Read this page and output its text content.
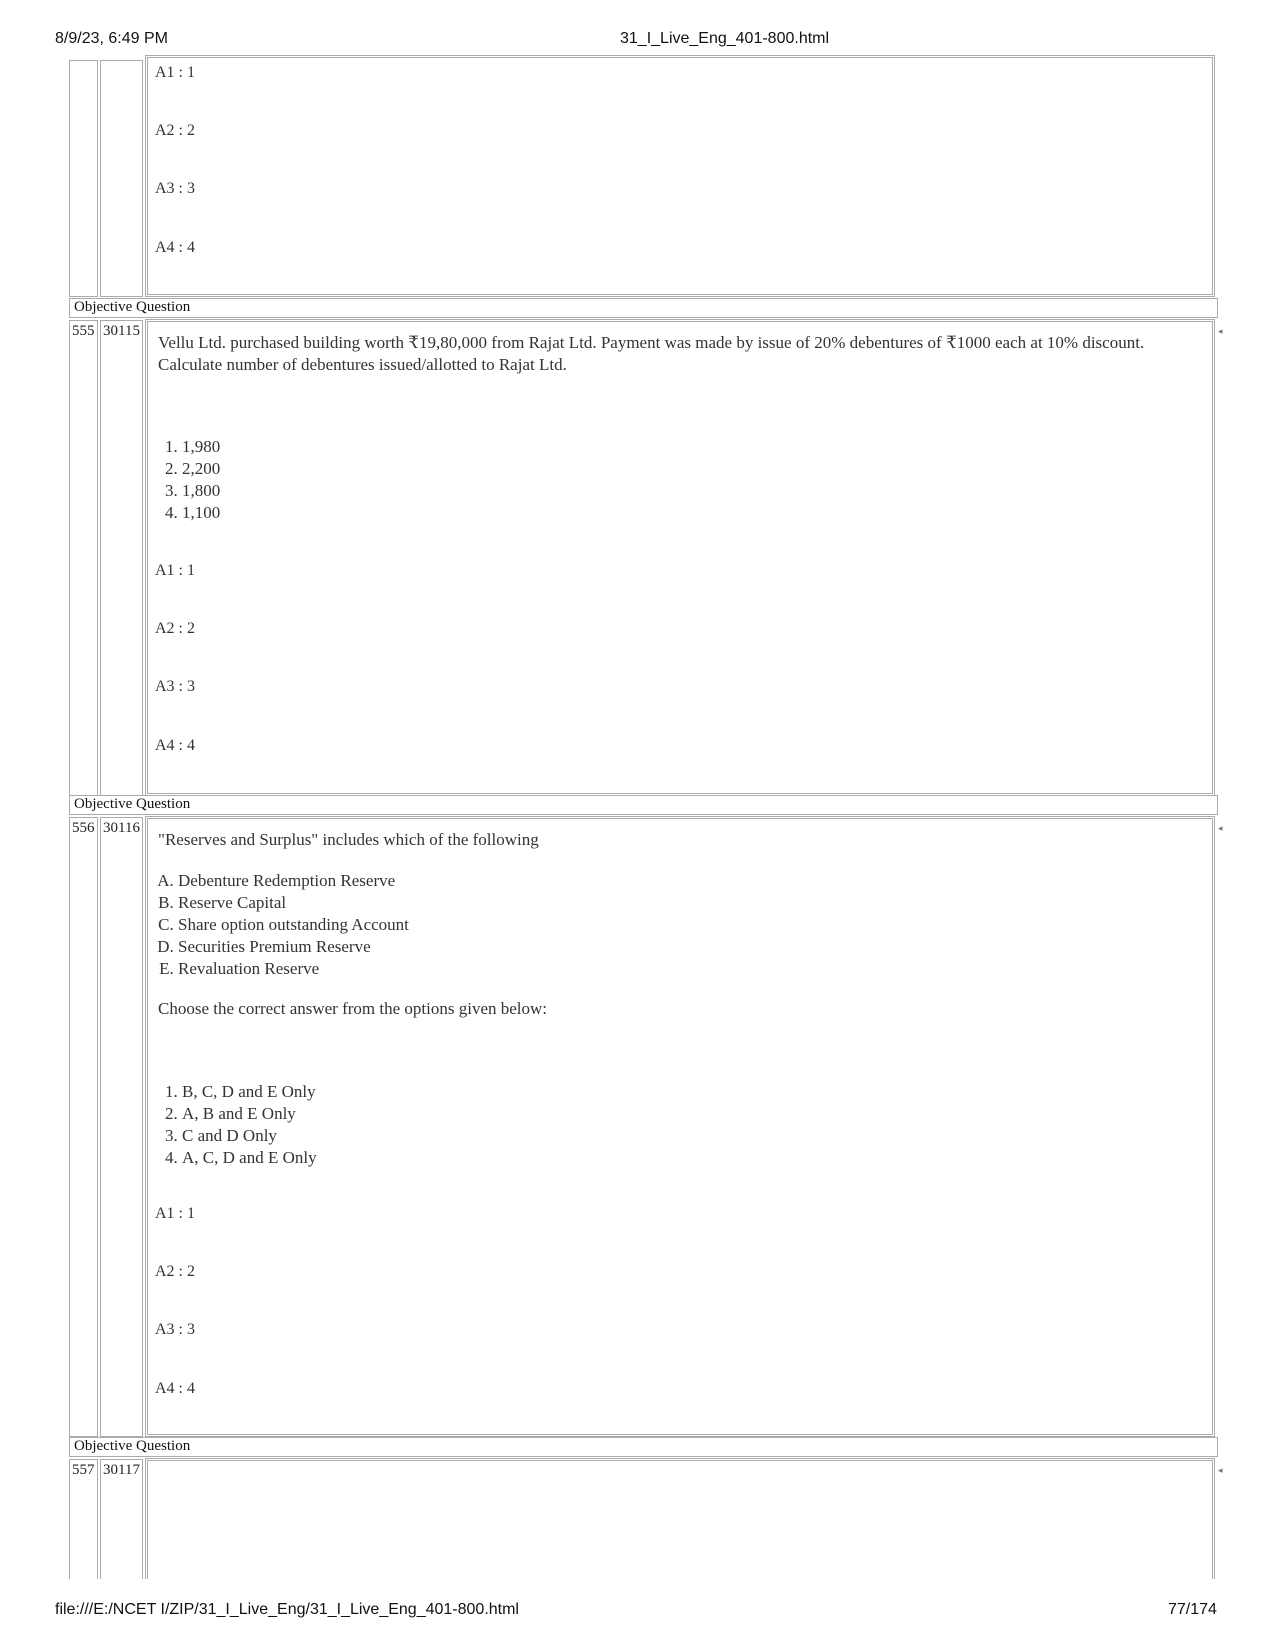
8/9/23, 6:49 PM	31_I_Live_Eng_401-800.html
A1 : 1
A2 : 2
A3 : 3
A4 : 4
Objective Question
555 30115	◂
Vellu Ltd. purchased building worth ₹19,80,000 from Rajat Ltd. Payment was made by issue of 20% debentures of ₹1000 each at 10% discount. Calculate number of debentures issued/allotted to Rajat Ltd.
1. 1,980
2. 2,200
3. 1,800
4. 1,100
A1 : 1
A2 : 2
A3 : 3
A4 : 4
Objective Question
556 30116	◂
"Reserves and Surplus" includes which of the following
A. Debenture Redemption Reserve
B. Reserve Capital
C. Share option outstanding Account
D. Securities Premium Reserve
E. Revaluation Reserve
Choose the correct answer from the options given below:
1. B, C, D and E Only
2. A, B and E Only
3. C and D Only
4. A, C, D and E Only
A1 : 1
A2 : 2
A3 : 3
A4 : 4
Objective Question
557 30117	◂
file:///E:/NCET I/ZIP/31_I_Live_Eng/31_I_Live_Eng_401-800.html	77/174
